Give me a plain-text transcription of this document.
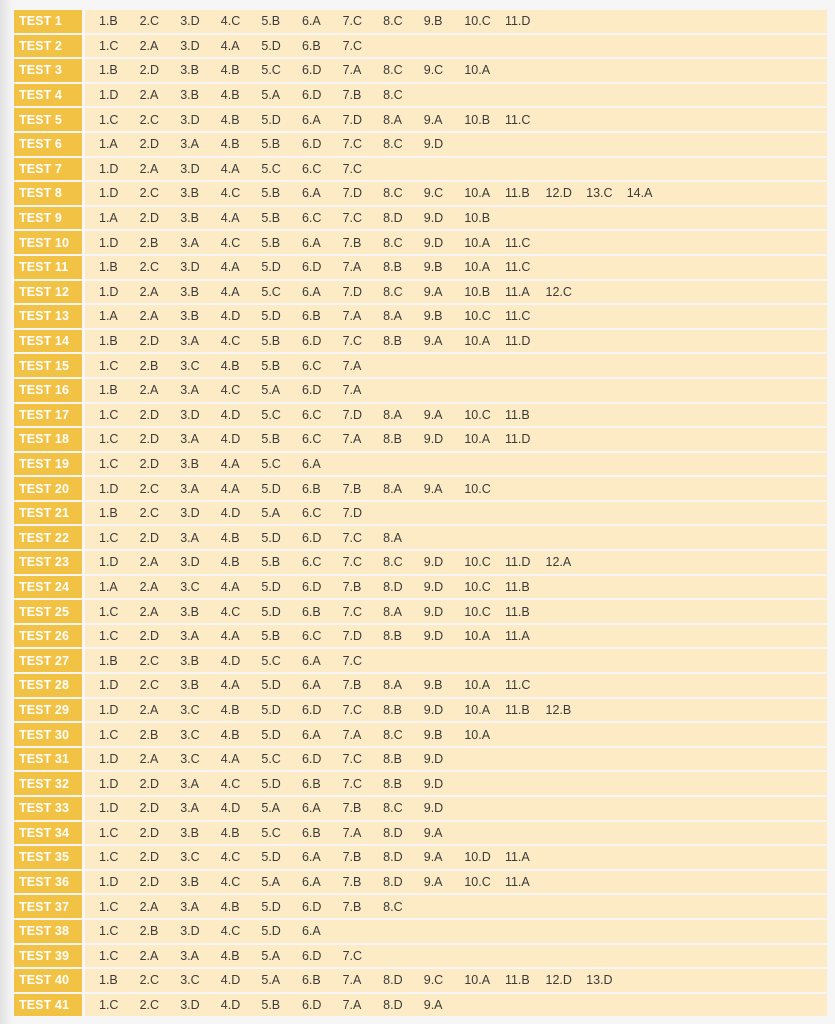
TEST 1	1.B	2.C	3.D	4.C	5.B	6.A	7.C	8.C	9.B	10.C	11.D
TEST 2	1.C	2.A	3.D	4.A	5.D	6.B	7.C
TEST 3	1.B	2.D	3.B	4.B	5.C	6.D	7.A	8.C	9.C	10.A
TEST 4	1.D	2.A	3.B	4.B	5.A	6.D	7.B	8.C
TEST 5	1.C	2.C	3.D	4.B	5.D	6.A	7.D	8.A	9.A	10.B	11.C
TEST 6	1.A	2.D	3.A	4.B	5.B	6.D	7.C	8.C	9.D
TEST 7	1.D	2.A	3.D	4.A	5.C	6.C	7.C
TEST 8	1.D	2.C	3.B	4.C	5.B	6.A	7.D	8.C	9.C	10.A	11.B	12.D	13.C	14.A
TEST 9	1.A	2.D	3.B	4.A	5.B	6.C	7.C	8.D	9.D	10.B
TEST 10	1.D	2.B	3.A	4.C	5.B	6.A	7.B	8.C	9.D	10.A	11.C
TEST 11	1.B	2.C	3.D	4.A	5.D	6.D	7.A	8.B	9.B	10.A	11.C
TEST 12	1.D	2.A	3.B	4.A	5.C	6.A	7.D	8.C	9.A	10.B	11.A	12.C
TEST 13	1.A	2.A	3.B	4.D	5.D	6.B	7.A	8.A	9.B	10.C	11.C
TEST 14	1.B	2.D	3.A	4.C	5.B	6.D	7.C	8.B	9.A	10.A	11.D
TEST 15	1.C	2.B	3.C	4.B	5.B	6.C	7.A
TEST 16	1.B	2.A	3.A	4.C	5.A	6.D	7.A
TEST 17	1.C	2.D	3.D	4.D	5.C	6.C	7.D	8.A	9.A	10.C	11.B
TEST 18	1.C	2.D	3.A	4.D	5.B	6.C	7.A	8.B	9.D	10.A	11.D
TEST 19	1.C	2.D	3.B	4.A	5.C	6.A
TEST 20	1.D	2.C	3.A	4.A	5.D	6.B	7.B	8.A	9.A	10.C
TEST 21	1.B	2.C	3.D	4.D	5.A	6.C	7.D
TEST 22	1.C	2.D	3.A	4.B	5.D	6.D	7.C	8.A
TEST 23	1.D	2.A	3.D	4.B	5.B	6.C	7.C	8.C	9.D	10.C	11.D	12.A
TEST 24	1.A	2.A	3.C	4.A	5.D	6.D	7.B	8.D	9.D	10.C	11.B
TEST 25	1.C	2.A	3.B	4.C	5.D	6.B	7.C	8.A	9.D	10.C	11.B
TEST 26	1.C	2.D	3.A	4.A	5.B	6.C	7.D	8.B	9.D	10.A	11.A
TEST 27	1.B	2.C	3.B	4.D	5.C	6.A	7.C
TEST 28	1.D	2.C	3.B	4.A	5.D	6.A	7.B	8.A	9.B	10.A	11.C
TEST 29	1.D	2.A	3.C	4.B	5.D	6.D	7.C	8.B	9.D	10.A	11.B	12.B
TEST 30	1.C	2.B	3.C	4.B	5.D	6.A	7.A	8.C	9.B	10.A
TEST 31	1.D	2.A	3.C	4.A	5.C	6.D	7.C	8.B	9.D
TEST 32	1.D	2.D	3.A	4.C	5.D	6.B	7.C	8.B	9.D
TEST 33	1.D	2.D	3.A	4.D	5.A	6.A	7.B	8.C	9.D
TEST 34	1.C	2.D	3.B	4.B	5.C	6.B	7.A	8.D	9.A
TEST 35	1.C	2.D	3.C	4.C	5.D	6.A	7.B	8.D	9.A	10.D	11.A
TEST 36	1.D	2.D	3.B	4.C	5.A	6.A	7.B	8.D	9.A	10.C	11.A
TEST 37	1.C	2.A	3.A	4.B	5.D	6.D	7.B	8.C
TEST 38	1.C	2.B	3.D	4.C	5.D	6.A
TEST 39	1.C	2.A	3.A	4.B	5.A	6.D	7.C
TEST 40	1.B	2.C	3.C	4.D	5.A	6.B	7.A	8.D	9.C	10.A	11.B	12.D	13.D
TEST 41	1.C	2.C	3.D	4.D	5.B	6.D	7.A	8.D	9.A
